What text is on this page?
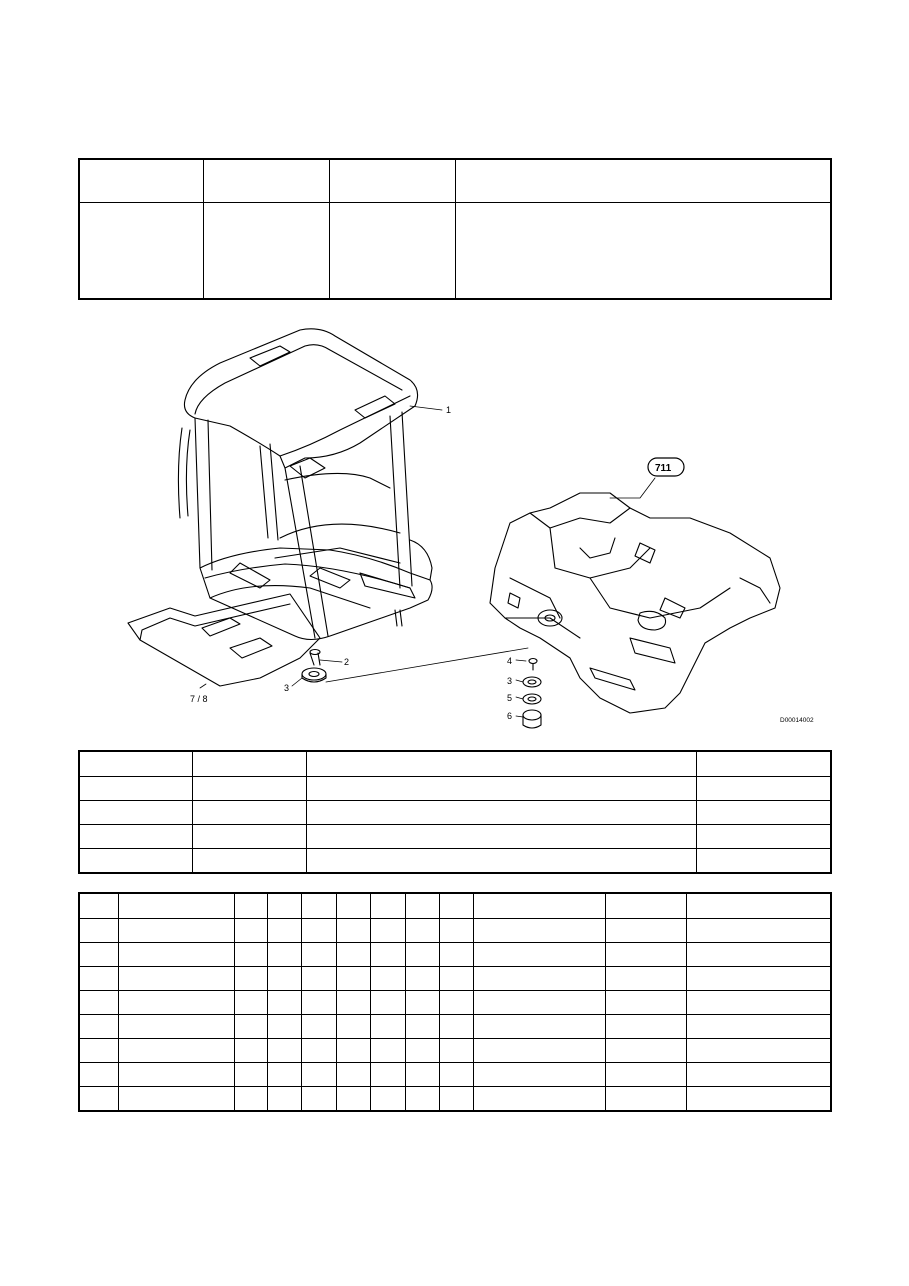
1
2
3
7 / 8
4
3
5
6
711
D00014002
